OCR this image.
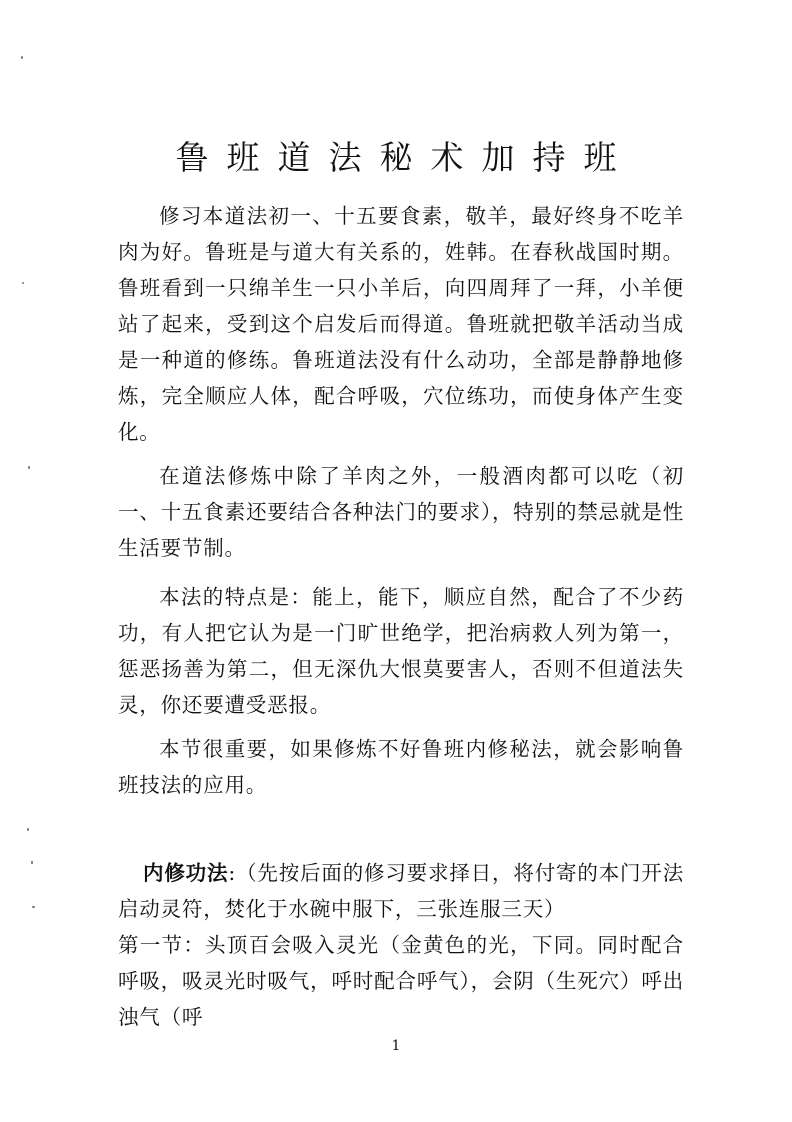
鲁班道法秘术加持班

修习本道法初一、十五要食素，敬羊，最好终身不吃羊肉为好。鲁班是与道大有关系的，姓韩。在春秋战国时期。鲁班看到一只绵羊生一只小羊后，向四周拜了一拜，小羊便站了起来，受到这个启发后而得道。鲁班就把敬羊活动当成是一种道的修练。鲁班道法没有什么动功，全部是静静地修炼，完全顺应人体，配合呼吸，穴位练功，而使身体产生变化。

在道法修炼中除了羊肉之外，一般酒肉都可以吃（初一、十五食素还要结合各种法门的要求），特别的禁忌就是性生活要节制。

本法的特点是：能上，能下，顺应自然，配合了不少药功，有人把它认为是一门旷世绝学，把治病救人列为第一，惩恶扬善为第二，但无深仇大恨莫要害人，否则不但道法失灵，你还要遭受恶报。

本节很重要，如果修炼不好鲁班内修秘法，就会影响鲁班技法的应用。

内修功法:（先按后面的修习要求择日，将付寄的本门开法启动灵符，焚化于水碗中服下，三张连服三天）

第一节：头顶百会吸入灵光（金黄色的光，下同。同时配合呼吸，吸灵光时吸气，呼时配合呼气），会阴（生死穴）呼出浊气（呼

1
